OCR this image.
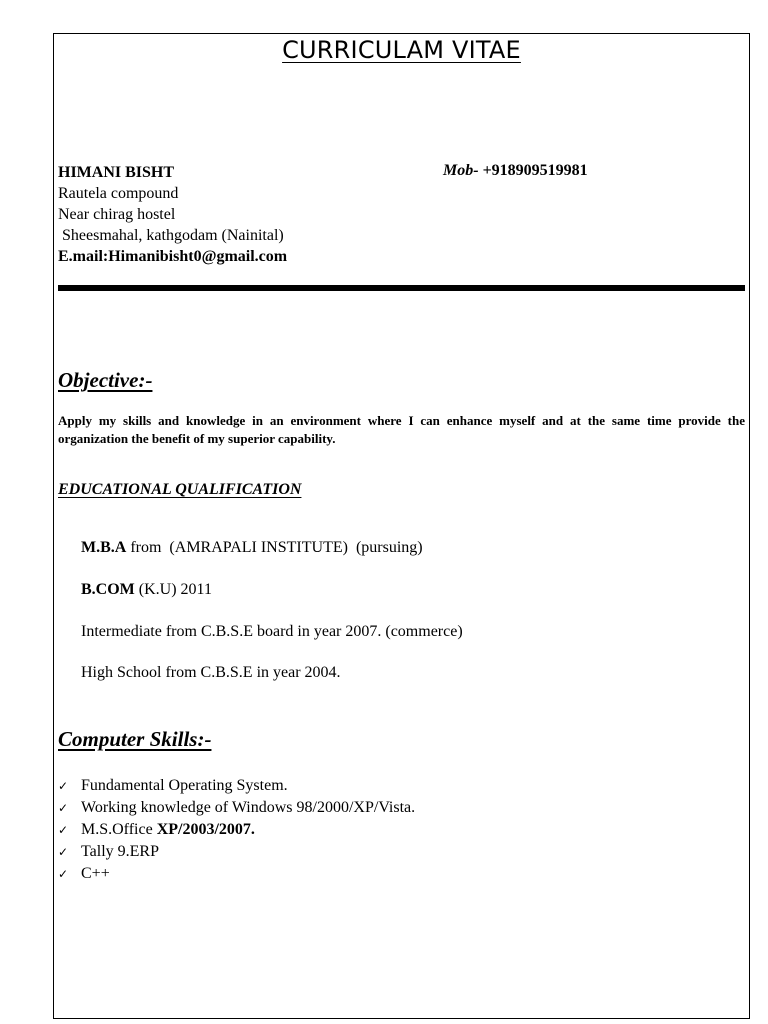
CURRICULAM VITAE
HIMANI BISHT
Rautela compound
Near chirag hostel
Sheesmahal, kathgodam (Nainital)
E.mail:Himanibisht0@gmail.com
Mob- +918909519981
Objective:-
Apply my skills and knowledge in an environment where I can enhance myself and at the same time provide the organization the benefit of my superior capability.
EDUCATIONAL QUALIFICATION
M.B.A from  (AMRAPALI INSTITUTE)  (pursuing)
B.COM (K.U) 2011
Intermediate from C.B.S.E board in year 2007. (commerce)
High School from C.B.S.E in year 2004.
Computer Skills:-
✓ Fundamental Operating System.
✓ Working knowledge of Windows 98/2000/XP/Vista.
✓ M.S.Office XP/2003/2007.
✓ Tally 9.ERP
✓ C++
